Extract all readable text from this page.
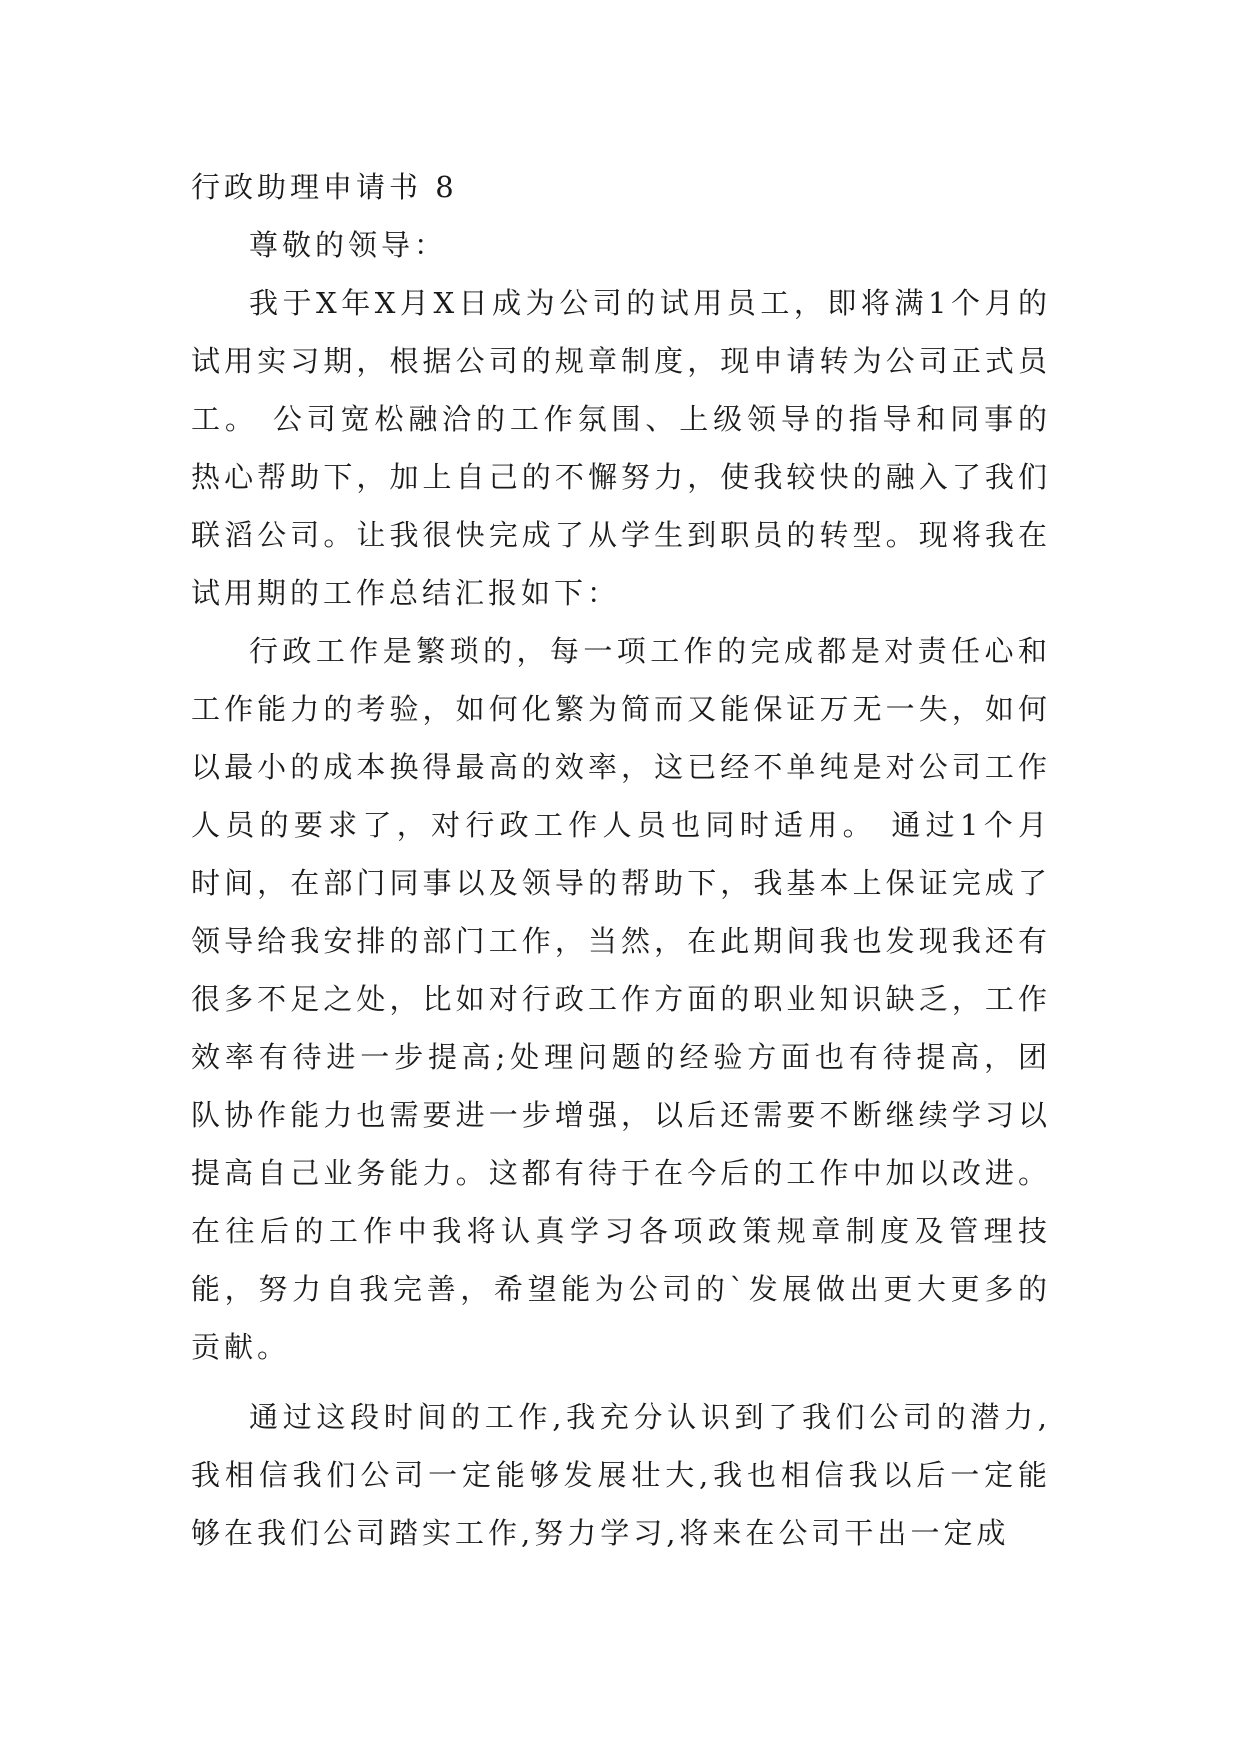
行政助理申请书 8

尊敬的领导：

我于X年X月X日成为公司的试用员工，即将满1个月的试用实习期，根据公司的规章制度，现申请转为公司正式员工。 公司宽松融洽的工作氛围、上级领导的指导和同事的热心帮助下，加上自己的不懈努力，使我较快的融入了我们联滔公司。让我很快完成了从学生到职员的转型。现将我在试用期的工作总结汇报如下：

行政工作是繁琐的，每一项工作的完成都是对责任心和工作能力的考验，如何化繁为简而又能保证万无一失，如何以最小的成本换得最高的效率，这已经不单纯是对公司工作人员的要求了，对行政工作人员也同时适用。 通过1个月时间，在部门同事以及领导的帮助下，我基本上保证完成了领导给我安排的部门工作，当然，在此期间我也发现我还有很多不足之处，比如对行政工作方面的职业知识缺乏，工作效率有待进一步提高;处理问题的经验方面也有待提高，团队协作能力也需要进一步增强，以后还需要不断继续学习以提高自己业务能力。这都有待于在今后的工作中加以改进。在往后的工作中我将认真学习各项政策规章制度及管理技能，努力自我完善，希望能为公司的`发展做出更大更多的贡献。

通过这段时间的工作,我充分认识到了我们公司的潜力,我相信我们公司一定能够发展壮大,我也相信我以后一定能够在我们公司踏实工作,努力学习,将来在公司干出一定成
